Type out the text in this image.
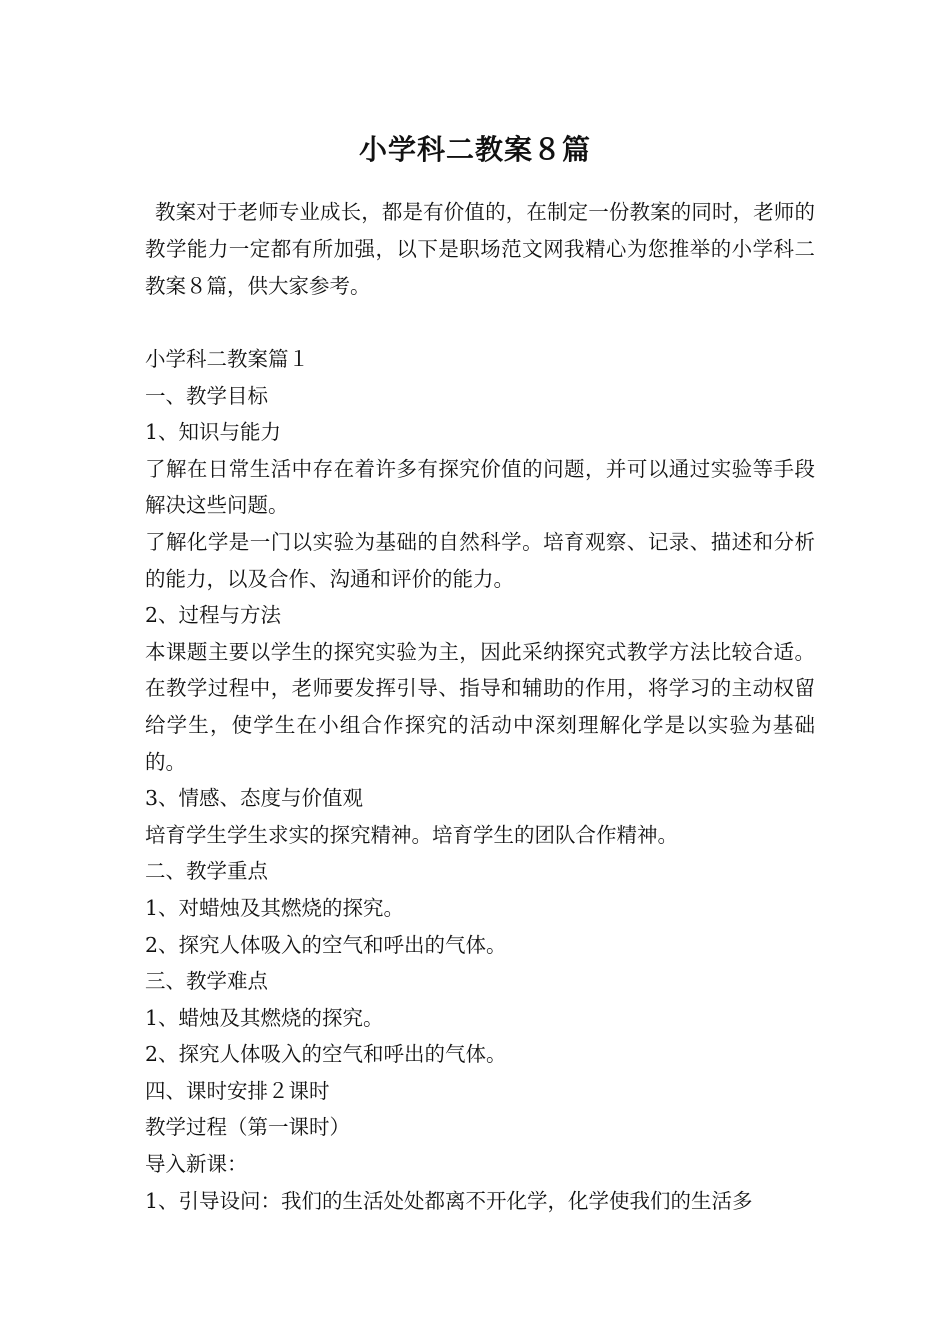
小学科二教案８篇

教案对于老师专业成长，都是有价值的，在制定一份教案的同时，老师的教学能力一定都有所加强，以下是职场范文网我精心为您推举的小学科二教案８篇，供大家参考。

小学科二教案篇１

一、教学目标

1、知识与能力

了解在日常生活中存在着许多有探究价值的问题，并可以通过实验等手段解决这些问题。

了解化学是一门以实验为基础的自然科学。培育观察、记录、描述和分析的能力，以及合作、沟通和评价的能力。

2、过程与方法

本课题主要以学生的探究实验为主，因此采纳探究式教学方法比较合适。在教学过程中，老师要发挥引导、指导和辅助的作用，将学习的主动权留给学生，使学生在小组合作探究的活动中深刻理解化学是以实验为基础的。

3、情感、态度与价值观

培育学生学生求实的探究精神。培育学生的团队合作精神。

二、教学重点

1、对蜡烛及其燃烧的探究。

2、探究人体吸入的空气和呼出的气体。

三、教学难点

1、蜡烛及其燃烧的探究。

2、探究人体吸入的空气和呼出的气体。

四、课时安排２课时

教学过程（第一课时）

导入新课：

1、引导设问：我们的生活处处都离不开化学，化学使我们的生活多
